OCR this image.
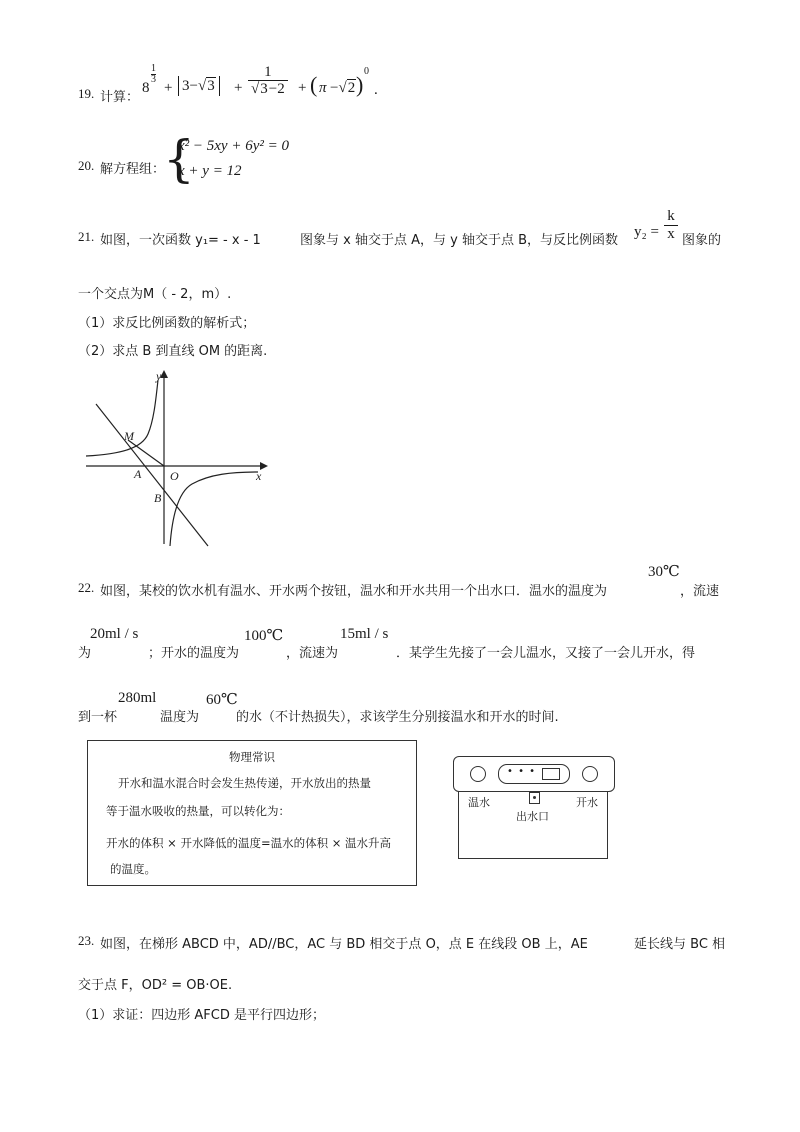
19. 计算：
8
1
3
+ 3−√3	+ $\frac{1}{√3-2}$ + ( π −√2 )
0
.
20. 解方程组：
{
x² − 5xy + 6y² = 0
x + y = 12
21. 如图，一次函数 y₁= - x - 1	图象与 x 轴交于点 A，与 y 轴交于点 B，与反比例函数
y₂ =
k
x 图象的
一个交点为M（ - 2，m）.
（1）求反比例函数的解析式；
（2）求点 B 到直线 OM 的距离.
y
x
M
A O
B
22. 如图，某校的饮水机有温水、开水两个按钮，温水和开水共用一个出水口．温水的温度为
30℃
，流速
为
20ml / s
；开水的温度为
100℃
，流速为
15ml / s
．某学生先接了一会儿温水，又接了一会儿开水，得
到一杯
280ml
温度为
60℃
的水（不计热损失），求该学生分别接温水和开水的时间.
物理常识
开水和温水混合时会发生热传递，开水放出的热量
等于温水吸收的热量，可以转化为：
开水的体积 × 开水降低的温度=温水的体积 × 温水升高
的温度。
• • •
温水	开水
出水口
23. 如图，在梯形 ABCD 中，AD//BC，AC 与 BD 相交于点 O，点 E 在线段 OB 上，AE	延长线与 BC 相
交于点 F，OD² = OB·OE.
（1）求证：四边形 AFCD 是平行四边形；
